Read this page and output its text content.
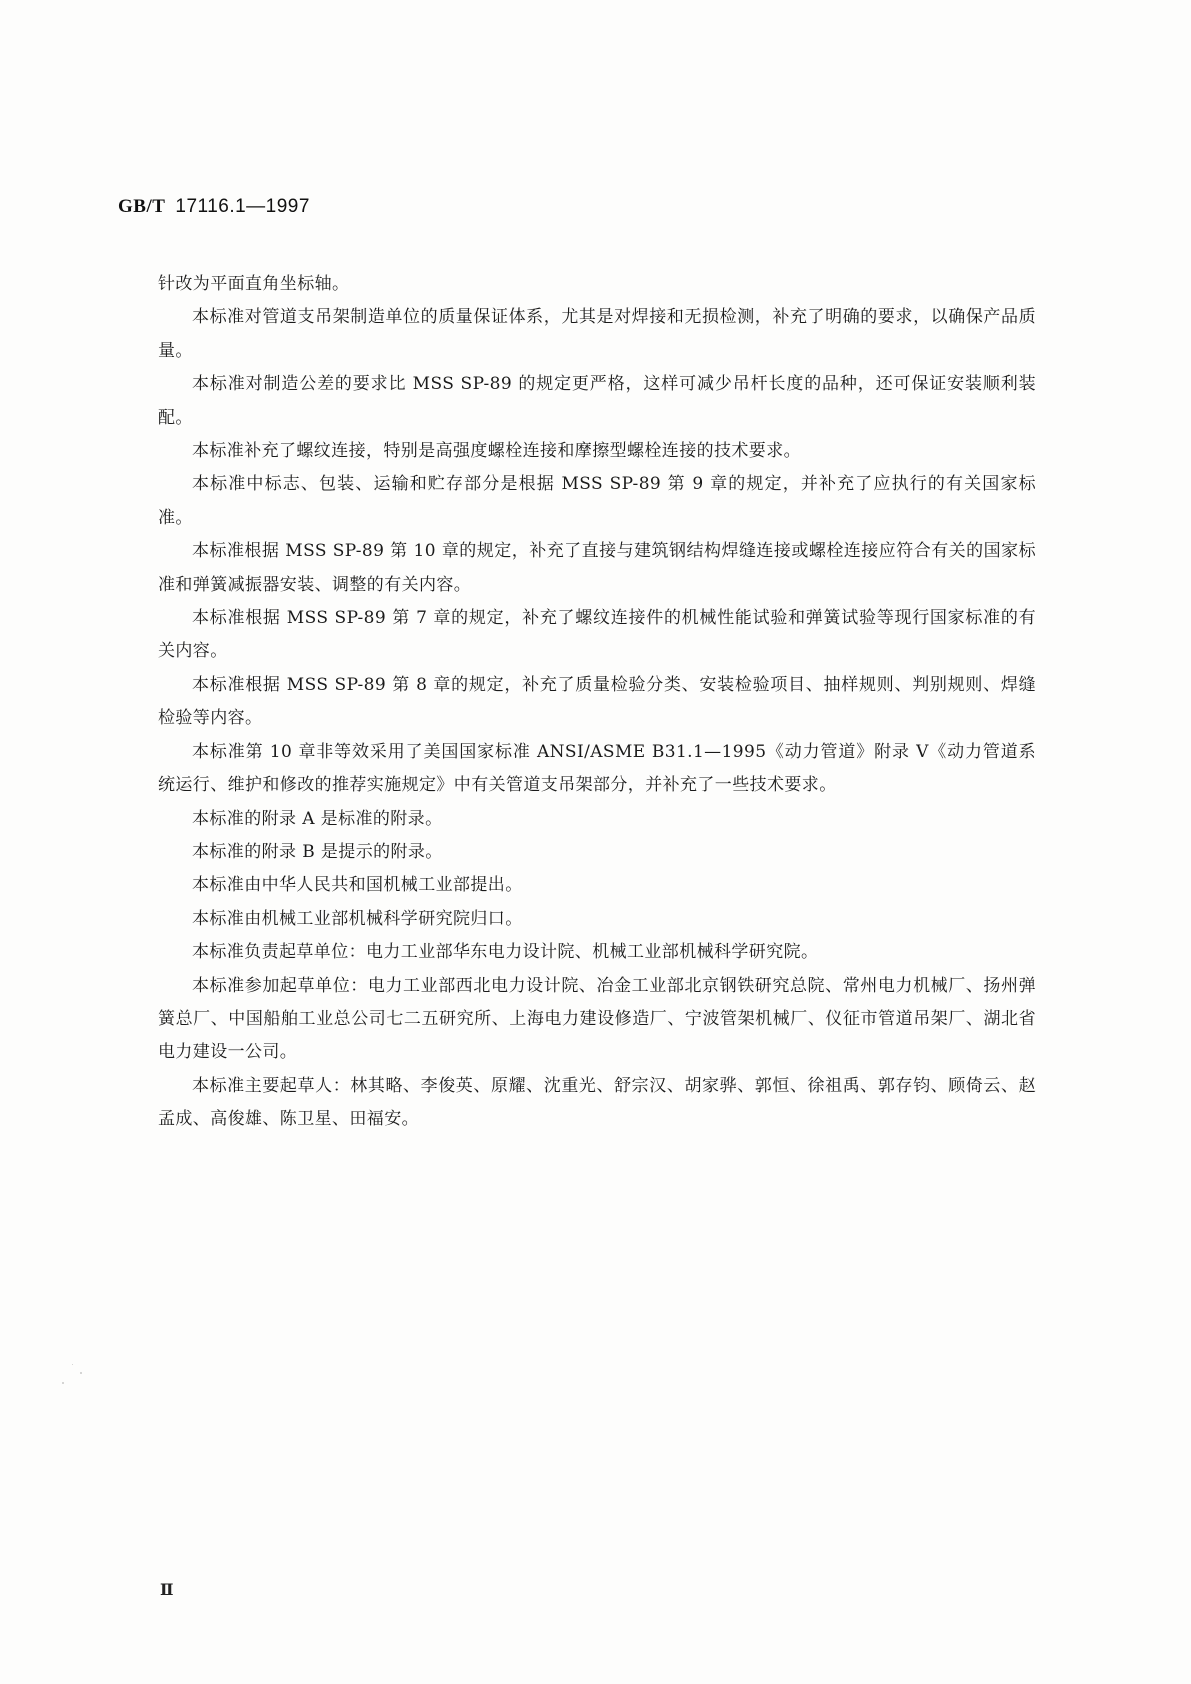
GB/T 17116.1—1997

针改为平面直角坐标轴。

本标准对管道支吊架制造单位的质量保证体系，尤其是对焊接和无损检测，补充了明确的要求，以确保产品质量。

本标准对制造公差的要求比 MSS SP-89 的规定更严格，这样可减少吊杆长度的品种，还可保证安装顺利装配。

本标准补充了螺纹连接，特别是高强度螺栓连接和摩擦型螺栓连接的技术要求。

本标准中标志、包装、运输和贮存部分是根据 MSS SP-89 第 9 章的规定，并补充了应执行的有关国家标准。

本标准根据 MSS SP-89 第 10 章的规定，补充了直接与建筑钢结构焊缝连接或螺栓连接应符合有关的国家标准和弹簧减振器安装、调整的有关内容。

本标准根据 MSS SP-89 第 7 章的规定，补充了螺纹连接件的机械性能试验和弹簧试验等现行国家标准的有关内容。

本标准根据 MSS SP-89 第 8 章的规定，补充了质量检验分类、安装检验项目、抽样规则、判别规则、焊缝检验等内容。

本标准第 10 章非等效采用了美国国家标准 ANSI/ASME B31.1—1995《动力管道》附录 V《动力管道系统运行、维护和修改的推荐实施规定》中有关管道支吊架部分，并补充了一些技术要求。

本标准的附录 A 是标准的附录。

本标准的附录 B 是提示的附录。

本标准由中华人民共和国机械工业部提出。

本标准由机械工业部机械科学研究院归口。

本标准负责起草单位：电力工业部华东电力设计院、机械工业部机械科学研究院。

本标准参加起草单位：电力工业部西北电力设计院、冶金工业部北京钢铁研究总院、常州电力机械厂、扬州弹簧总厂、中国船舶工业总公司七二五研究所、上海电力建设修造厂、宁波管架机械厂、仪征市管道吊架厂、湖北省电力建设一公司。

本标准主要起草人：林其略、李俊英、原耀、沈重光、舒宗汉、胡家骅、郭恒、徐祖禹、郭存钧、顾倚云、赵孟成、高俊雄、陈卫星、田福安。

Ⅱ
